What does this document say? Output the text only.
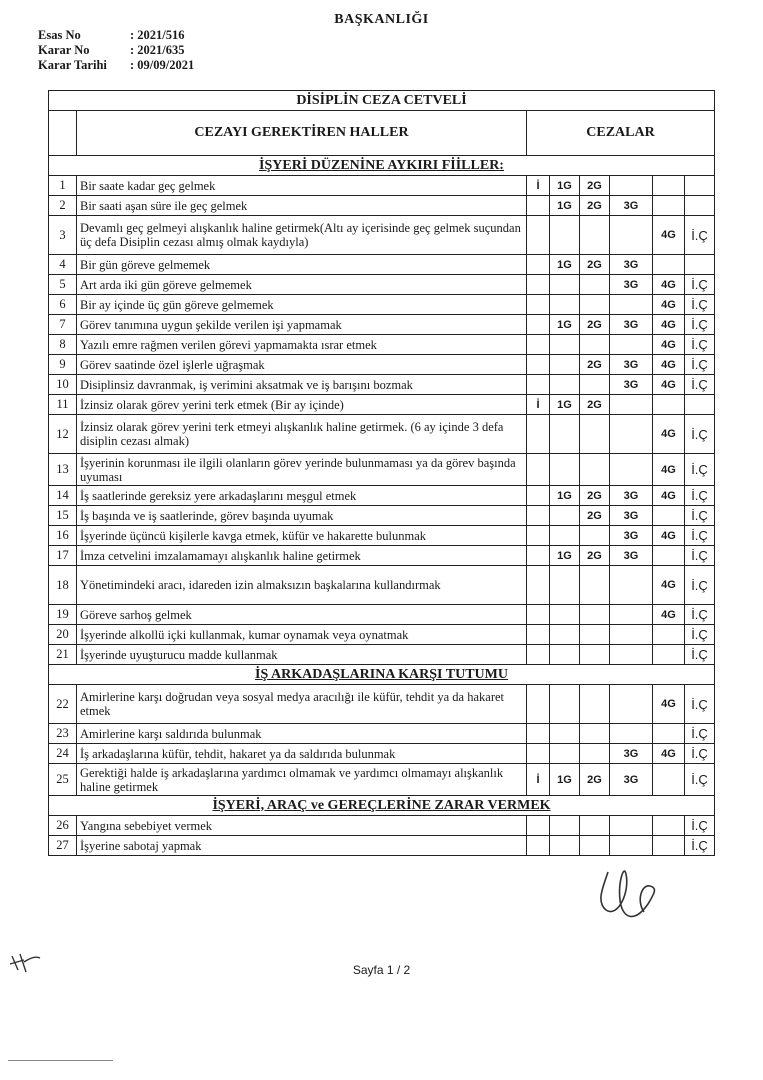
BAŞKANLIĞI
Esas No	: 2021/516
Karar No	: 2021/635
Karar Tarihi	: 09/09/2021
DİSİPLİN CEZA CETVELİ							
	CEZAYI GEREKTİREN HALLER	CEZALAR					
İŞYERİ DÜZENİNE AYKIRI FİİLLER:							
1	Bir saate kadar geç gelmek	İ	1G	2G			
2	Bir saati aşan süre ile geç gelmek		1G	2G	3G		
3	Devamlı geç gelmeyi alışkanlık haline getirmek(Altı ay içerisinde geç gelmek suçundan üç defa Disiplin cezası almış olmak kaydıyla)					4G	İ.Ç
4	Bir gün göreve gelmemek		1G	2G	3G		
5	Art arda iki gün göreve gelmemek				3G	4G	İ.Ç
6	Bir ay içinde üç gün göreve gelmemek					4G	İ.Ç
7	Görev tanımına uygun şekilde verilen işi yapmamak		1G	2G	3G	4G	İ.Ç
8	Yazılı emre rağmen verilen görevi yapmamakta ısrar etmek					4G	İ.Ç
9	Görev saatinde özel işlerle uğraşmak			2G	3G	4G	İ.Ç
10	Disiplinsiz davranmak, iş verimini aksatmak ve iş barışını bozmak				3G	4G	İ.Ç
11	İzinsiz olarak görev yerini terk etmek (Bir ay içinde)	İ	1G	2G			
12	İzinsiz olarak görev yerini terk etmeyi alışkanlık haline getirmek. (6 ay içinde 3 defa disiplin cezası almak)					4G	İ.Ç
13	İşyerinin korunması ile ilgili olanların görev yerinde bulunmaması ya da görev başında uyuması					4G	İ.Ç
14	İş saatlerinde gereksiz yere arkadaşlarını meşgul etmek		1G	2G	3G	4G	İ.Ç
15	İş başında ve iş saatlerinde, görev başında uyumak			2G	3G		İ.Ç
16	İşyerinde üçüncü kişilerle kavga etmek, küfür ve hakarette bulunmak				3G	4G	İ.Ç
17	İmza cetvelini imzalamamayı alışkanlık haline getirmek		1G	2G	3G		İ.Ç
18	Yönetimindeki aracı, idareden izin almaksızın başkalarına kullandırmak					4G	İ.Ç
19	Göreve sarhoş gelmek					4G	İ.Ç
20	İşyerinde alkollü içki kullanmak, kumar oynamak veya oynatmak						İ.Ç
21	İşyerinde uyuşturucu madde kullanmak						İ.Ç
İŞ ARKADAŞLARINA KARŞI TUTUMU							
22	Amirlerine karşı doğrudan veya sosyal medya aracılığı ile küfür, tehdit ya da hakaret etmek					4G	İ.Ç
23	Amirlerine karşı saldırıda bulunmak						İ.Ç
24	İş arkadaşlarına küfür, tehdit, hakaret ya da saldırıda bulunmak				3G	4G	İ.Ç
25	Gerektiği halde iş arkadaşlarına yardımcı olmamak ve yardımcı olmamayı alışkanlık haline getirmek	İ	1G	2G	3G		İ.Ç
İŞYERİ, ARAÇ ve GEREÇLERİNE ZARAR VERMEK							
26	Yangına sebebiyet vermek						İ.Ç
27	İşyerine sabotaj yapmak						İ.Ç
Sayfa 1 / 2
